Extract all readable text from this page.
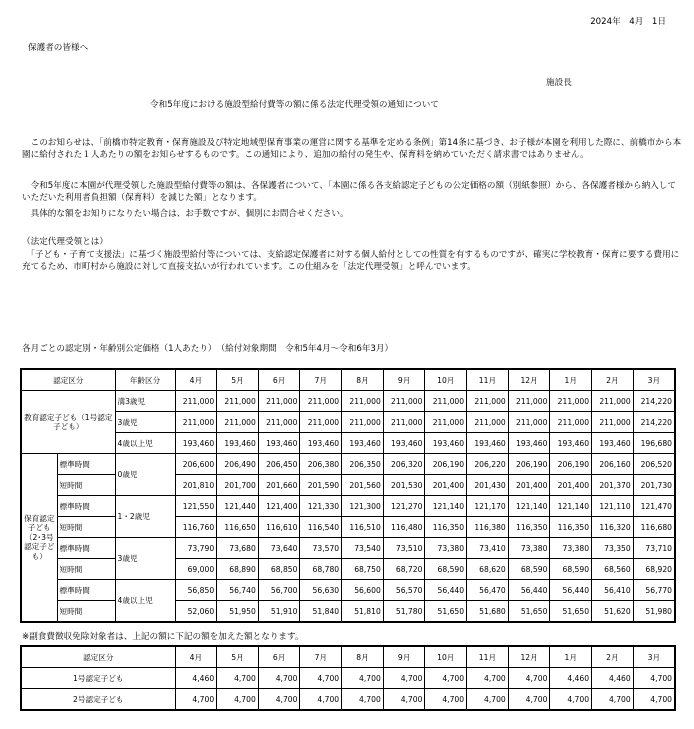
2024年　4月　1日
保護者の皆様へ
施設長
令和5年度における施設型給付費等の額に係る法定代理受領の通知について
このお知らせは、「前橋市特定教育・保育施設及び特定地域型保育事業の運営に関する基準を定める条例」第14条に基づき、お子様が本園を利用した際に、前橋市から本園に給付された１人あたりの額をお知らせするものです。この通知により、追加の給付の発生や、保育料を納めていただく請求書ではありません。
令和5年度に本園が代理受領した施設型給付費等の額は、各保護者について、「本園に係る各支給認定子どもの公定価格の額（別紙参照）から、各保護者様から納入していただいた利用者負担額（保育料）を減じた額」となります。
具体的な額をお知りになりたい場合は、お手数ですが、個別にお問合せください。
（法定代理受領とは）
「子ども・子育て支援法」に基づく施設型給付等については、支給認定保護者に対する個人給付としての性質を有するものですが、確実に学校教育・保育に要する費用に充てるため、市町村から施設に対して直接支払いが行われています。この仕組みを「法定代理受領」と呼んでいます。
各月ごとの認定別・年齢別公定価格（1人あたり）　（給付対象期間　令和5年4月～令和6年3月）
認定区分		年齢区分	4月	5月	6月	7月	8月	9月	10月	11月	12月	1月	2月	3月
教育認定子ども（1号認定子ども）		満3歳児	211,000	211,000	211,000	211,000	211,000	211,000	211,000	211,000	211,000	211,000	211,000	214,220
		3歳児	211,000	211,000	211,000	211,000	211,000	211,000	211,000	211,000	211,000	211,000	211,000	214,220
		4歳以上児	193,460	193,460	193,460	193,460	193,460	193,460	193,460	193,460	193,460	193,460	193,460	196,680
保育認定子ども（2･3号認定子ども）	標準時間	0歳児	206,600	206,490	206,450	206,380	206,350	206,320	206,190	206,220	206,190	206,190	206,160	206,520
	短時間		201,810	201,700	201,660	201,590	201,560	201,530	201,400	201,430	201,400	201,400	201,370	201,730
	標準時間	1・2歳児	121,550	121,440	121,400	121,330	121,300	121,270	121,140	121,170	121,140	121,140	121,110	121,470
	短時間		116,760	116,650	116,610	116,540	116,510	116,480	116,350	116,380	116,350	116,350	116,320	116,680
	標準時間	3歳児	73,790	73,680	73,640	73,570	73,540	73,510	73,380	73,410	73,380	73,380	73,350	73,710
	短時間		69,000	68,890	68,850	68,780	68,750	68,720	68,590	68,620	68,590	68,590	68,560	68,920
	標準時間	4歳以上児	56,850	56,740	56,700	56,630	56,600	56,570	56,440	56,470	56,440	56,440	56,410	56,770
	短時間		52,060	51,950	51,910	51,840	51,810	51,780	51,650	51,680	51,650	51,650	51,620	51,980
※副食費徴収免除対象者は、上記の額に下記の額を加えた額となります。
認定区分	4月	5月	6月	7月	8月	9月	10月	11月	12月	1月	2月	3月
1号認定子ども	4,460	4,700	4,700	4,700	4,700	4,700	4,700	4,700	4,700	4,460	4,460	4,700
2号認定子ども	4,700	4,700	4,700	4,700	4,700	4,700	4,700	4,700	4,700	4,700	4,700	4,700
